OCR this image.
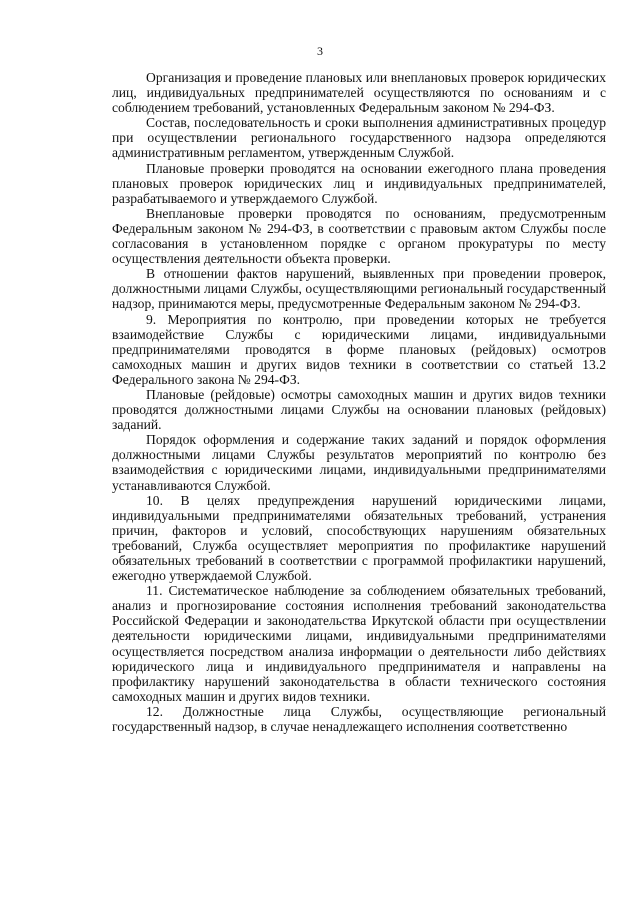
3

Организация и проведение плановых или внеплановых проверок юридических лиц, индивидуальных предпринимателей осуществляются по основаниям и с соблюдением требований, установленных Федеральным законом № 294-ФЗ.

Состав, последовательность и сроки выполнения административных процедур при осуществлении регионального государственного надзора определяются административным регламентом, утвержденным Службой.

Плановые проверки проводятся на основании ежегодного плана проведения плановых проверок юридических лиц и индивидуальных предпринимателей, разрабатываемого и утверждаемого Службой.

Внеплановые проверки проводятся по основаниям, предусмотренным Федеральным законом № 294-ФЗ, в соответствии с правовым актом Службы после согласования в установленном порядке с органом прокуратуры по месту осуществления деятельности объекта проверки.

В отношении фактов нарушений, выявленных при проведении проверок, должностными лицами Службы, осуществляющими региональный государственный надзор, принимаются меры, предусмотренные Федеральным законом № 294-ФЗ.

9. Мероприятия по контролю, при проведении которых не требуется взаимодействие Службы с юридическими лицами, индивидуальными предпринимателями проводятся в форме плановых (рейдовых) осмотров самоходных машин и других видов техники в соответствии со статьей 13.2 Федерального закона № 294-ФЗ.

Плановые (рейдовые) осмотры самоходных машин и других видов техники проводятся должностными лицами Службы на основании плановых (рейдовых) заданий.

Порядок оформления и содержание таких заданий и порядок оформления должностными лицами Службы результатов мероприятий по контролю без взаимодействия с юридическими лицами, индивидуальными предпринимателями устанавливаются Службой.

10. В целях предупреждения нарушений юридическими лицами, индивидуальными предпринимателями обязательных требований, устранения причин, факторов и условий, способствующих нарушениям обязательных требований, Служба осуществляет мероприятия по профилактике нарушений обязательных требований в соответствии с программой профилактики нарушений, ежегодно утверждаемой Службой.

11. Систематическое наблюдение за соблюдением обязательных требований, анализ и прогнозирование состояния исполнения требований законодательства Российской Федерации и законодательства Иркутской области при осуществлении деятельности юридическими лицами, индивидуальными предпринимателями осуществляется посредством анализа информации о деятельности либо действиях юридического лица и индивидуального предпринимателя и направлены на профилактику нарушений законодательства в области технического состояния самоходных машин и других видов техники.

12. Должностные лица Службы, осуществляющие региональный государственный надзор, в случае ненадлежащего исполнения соответственно
